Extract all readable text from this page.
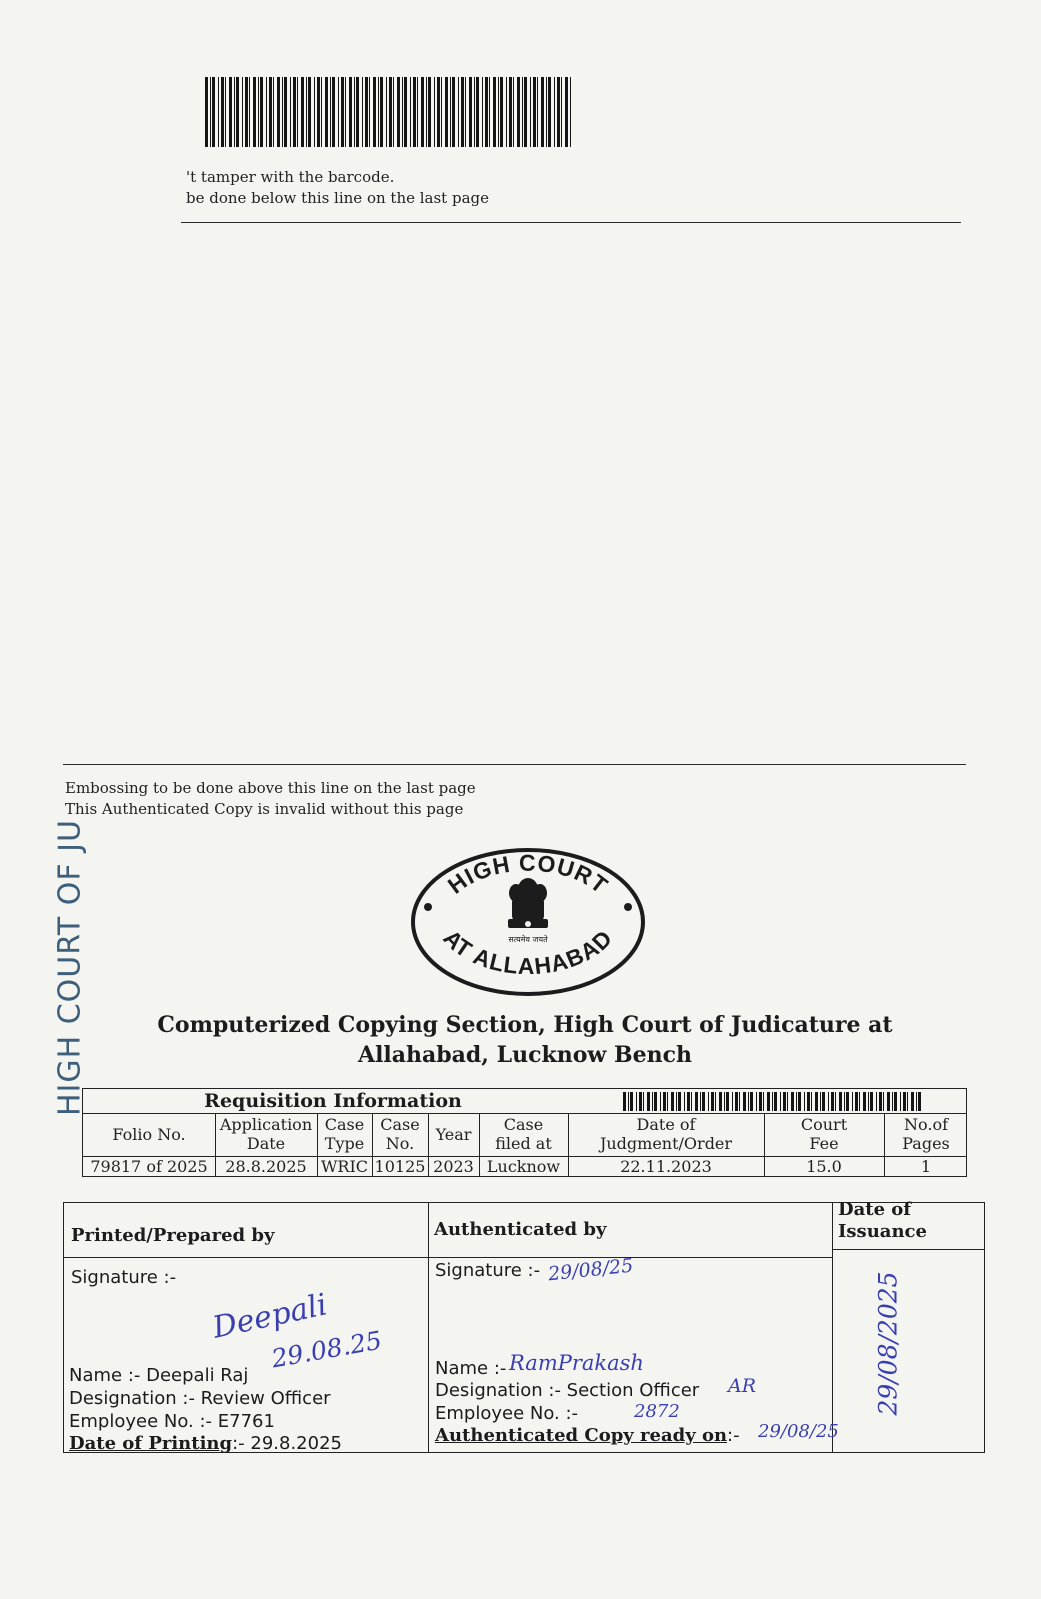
't tamper with the barcode.
be done below this line on the last page
Embossing to be done above this line on the last page
This Authenticated Copy is invalid without this page
HIGH COURT OF JU	HIGH COURT
AT ALLAHABAD
सत्यमेव जयते
Computerized Copying Section, High Court of Judicature at
Allahabad, Lucknow Bench
Requisition Information
Folio No.
79817 of 2025
Application
Date
28.8.2025
Case
Type
WRIC
Case
No.
10125
Year
2023
Case
filed at
Lucknow
Date of
Judgment/Order
22.11.2023
Court
Fee
15.0
No.of
Pages
1
Printed/Prepared by
Signature :-
Deepali
29.08.25
Name :- Deepali Raj
Designation :- Review Officer
Employee No. :- E7761
Date of Printing:- 29.8.2025
Authenticated by
Signature :- 29/08/25
Name :- RamPrakash
Designation :- Section Officer AR
Employee No. :-	2872
Authenticated Copy ready on:- 29/08/25
Date of
Issuance
29/08/2025
